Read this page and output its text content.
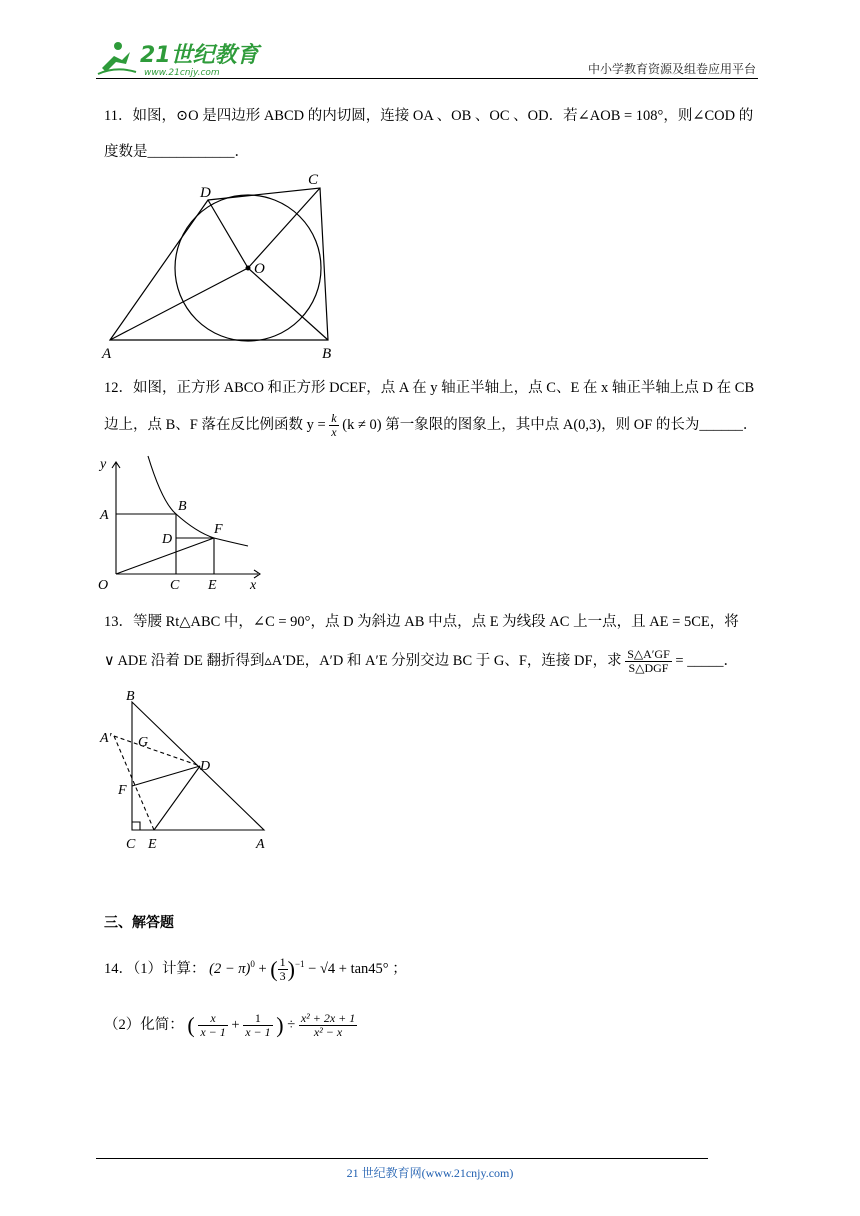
21世纪教育
www.21cnjy.com	中小学教育资源及组卷应用平台
11．如图，⊙O 是四边形 ABCD 的内切圆，连接 OA 、OB 、OC 、OD．若∠AOB = 108°，则∠COD 的
度数是____________．
A	B
C
D
O
12．如图，正方形 ABCO 和正方形 DCEF，点 A 在 y 轴正半轴上，点 C、E 在 x 轴正半轴上点 D 在 CB
边上，点 B、F 落在反比例函数 $y = \frac{k}{x} (k \ne 0)$ 第一象限的图象上，其中点 A(0,3)，则 OF 的长为______．
y
x
A
B
C
D
E
F
O
13．等腰 Rt△ABC 中，∠C = 90°，点 D 为斜边 AB 中点，点 E 为线段 AC 上一点，且 AE = 5CE，将
∨ ADE 沿着 DE 翻折得到▵A′DE，A′D 和 A′E 分别交边 BC 于 G、F，连接 DF，求 $\frac{S\triangle A'GF}{\text{S△DGF}}$ = _____．
B
A′ G
D
F
C E	A
三、解答题
14．（1）计算： $(2 - \pi)^0$ + ( $\frac{1}{3} )^{-1} - √4 + \tan 45^\circ$ ；
（2）化简： ( $\frac{x}{x - 1} + \frac{1}{x - 1}$ ) ÷ $\frac{\text{x² + 2x + 1}}{\text{x² − x}}$
21 世纪教育网(www.21cnjy.com)
